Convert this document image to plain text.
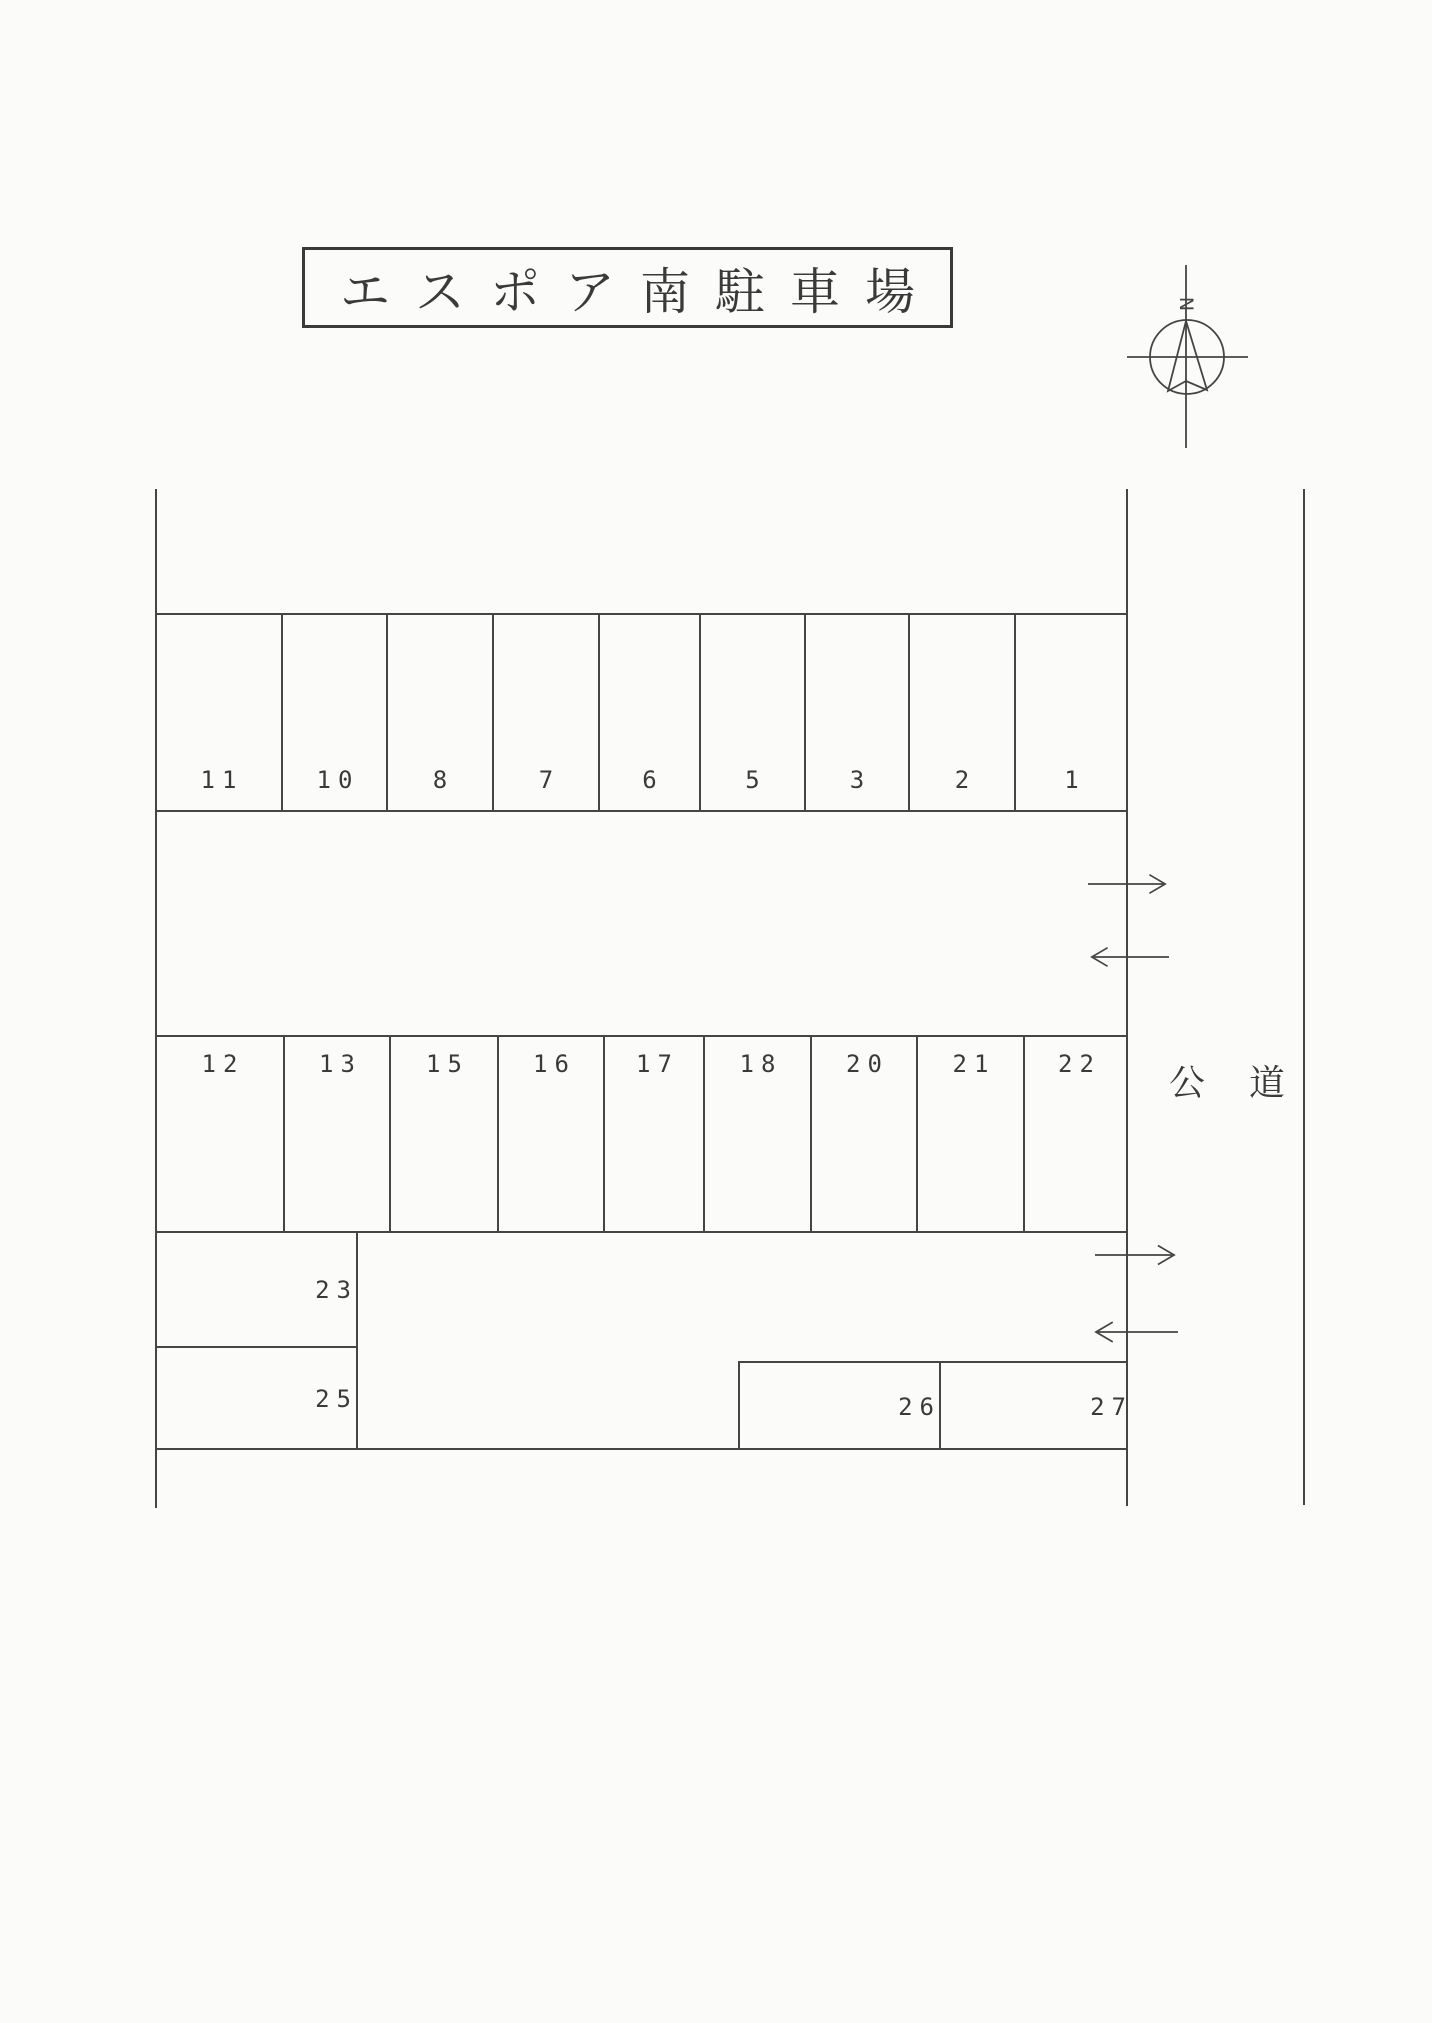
エスポア南駐車場	N
11	10	8	7	6	5	3	2	1
12	13	15	16	17	18	20	21	22
23
25	26	27
公 道
